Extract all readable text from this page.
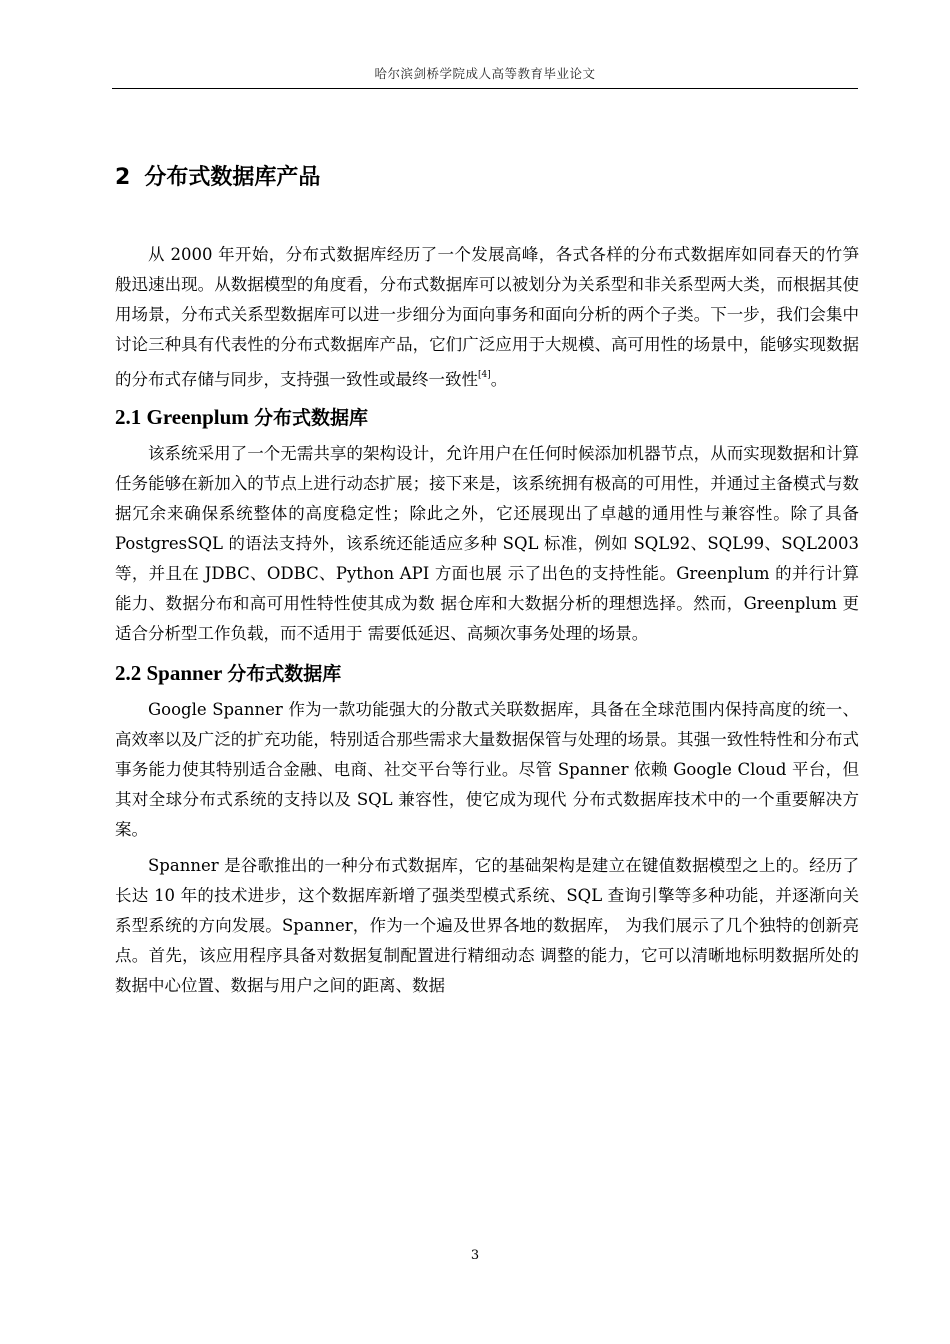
哈尔滨剑桥学院成人高等教育毕业论文
2 分布式数据库产品

从 2000 年开始，分布式数据库经历了一个发展高峰，各式各样的分布式数据库如同春天的竹笋般迅速出现。从数据模型的角度看，分布式数据库可以被划分为关系型和非关系型两大类，而根据其使用场景，分布式关系型数据库可以进一步细分为面向事务和面向分析的两个子类。下一步，我们会集中讨论三种具有代表性的分布式数据库产品，它们广泛应用于大规模、高可用性的场景中，能够实现数据的分布式存储与同步，支持强一致性或最终一致性[4]。

2.1 Greenplum 分布式数据库

该系统采用了一个无需共享的架构设计，允许用户在任何时候添加机器节点，从而实现数据和计算任务能够在新加入的节点上进行动态扩展；接下来是，该系统拥有极高的可用性，并通过主备模式与数据冗余来确保系统整体的高度稳定性；除此之外，它还展现出了卓越的通用性与兼容性。除了具备 PostgresSQL 的语法支持外，该系统还能适应多种 SQL 标准，例如 SQL92、SQL99、SQL2003 等，并且在 JDBC、ODBC、Python API 方面也展 示了出色的支持性能。Greenplum 的并行计算能力、数据分布和高可用性特性使其成为数 据仓库和大数据分析的理想选择。然而，Greenplum 更适合分析型工作负载，而不适用于 需要低延迟、高频次事务处理的场景。

2.2 Spanner 分布式数据库

Google Spanner 作为一款功能强大的分散式关联数据库，具备在全球范围内保持高度的统一、高效率以及广泛的扩充功能，特别适合那些需求大量数据保管与处理的场景。其强一致性特性和分布式事务能力使其特别适合金融、电商、社交平台等行业。尽管 Spanner 依赖 Google Cloud 平台，但其对全球分布式系统的支持以及 SQL 兼容性，使它成为现代 分布式数据库技术中的一个重要解决方案。

Spanner 是谷歌推出的一种分布式数据库，它的基础架构是建立在键值数据模型之上的。经历了长达 10 年的技术进步，这个数据库新增了强类型模式系统、SQL 查询引擎等多种功能，并逐渐向关系型系统的方向发展。Spanner，作为一个遍及世界各地的数据库， 为我们展示了几个独特的创新亮点。首先，该应用程序具备对数据复制配置进行精细动态 调整的能力，它可以清晰地标明数据所处的数据中心位置、数据与用户之间的距离、数据

3
